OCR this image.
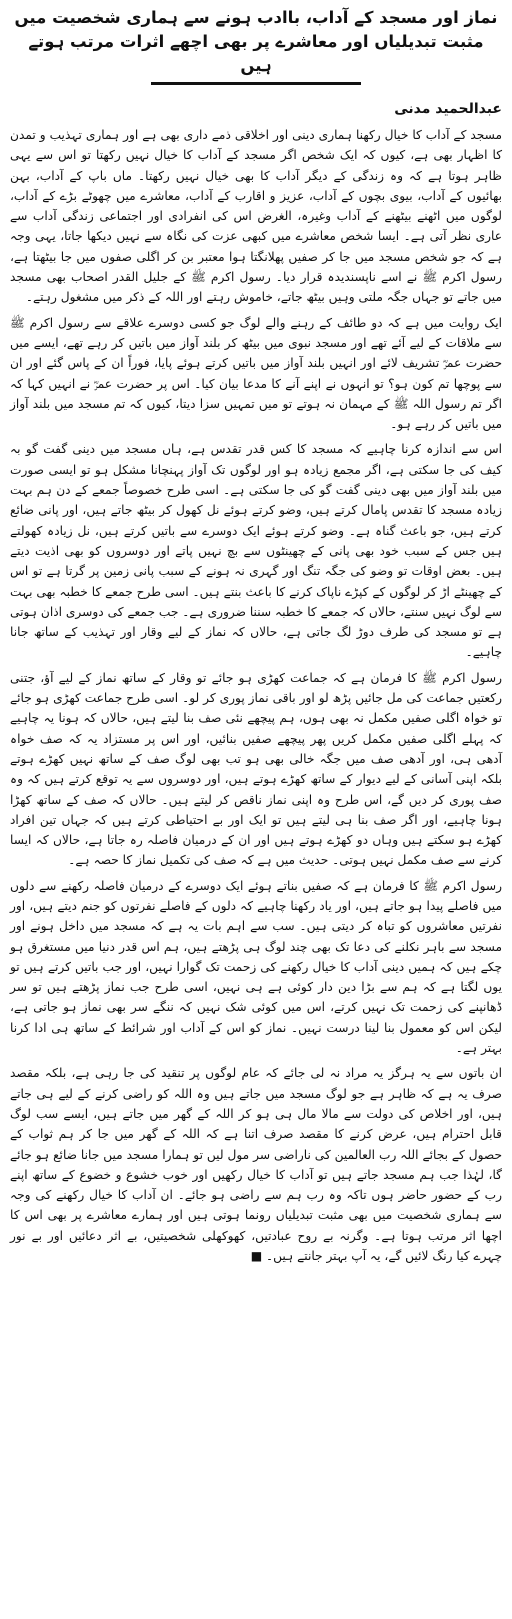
نماز اور مسجد کے آداب، باادب ہونے سے ہماری شخصیت میں مثبت تبدیلیاں اور معاشرے پر بھی اچھے اثرات مرتب ہوتے ہیں
عبدالحمید مدنی

مسجد کے آداب کا خیال رکھنا ہماری دینی اور اخلاقی ذمے داری بھی ہے اور ہماری تہذیب و تمدن کا اظہار بھی ہے، کیوں کہ ایک شخص اگر مسجد کے آداب کا خیال نہیں رکھتا تو اس سے یہی ظاہر ہوتا ہے کہ وہ زندگی کے دیگر آداب کا بھی خیال نہیں رکھتا۔ ماں باپ کے آداب، بہن بھائیوں کے آداب، بیوی بچوں کے آداب، عزیز و اقارب کے آداب، معاشرے میں چھوٹے بڑے کے آداب، لوگوں میں اٹھنے بیٹھنے کے آداب وغیرہ، الغرض اس کی انفرادی اور اجتماعی زندگی آداب سے عاری نظر آتی ہے۔ ایسا شخص معاشرے میں کبھی عزت کی نگاہ سے نہیں دیکھا جاتا، یہی وجہ ہے کہ جو شخص مسجد میں جا کر صفیں پھلانگتا ہوا معتبر بن کر اگلی صفوں میں جا بیٹھتا ہے، رسول اکرم ﷺ نے اسے ناپسندیدہ قرار دیا۔ رسول اکرم ﷺ کے جلیل القدر اصحاب بھی مسجد میں جاتے تو جہاں جگہ ملتی وہیں بیٹھ جاتے، خاموش رہتے اور اللہ کے ذکر میں مشغول رہتے۔

ایک روایت میں ہے کہ دو طائف کے رہنے والے لوگ جو کسی دوسرے علاقے سے رسول اکرم ﷺ سے ملاقات کے لیے آئے تھے اور مسجد نبوی میں بیٹھ کر بلند آواز میں باتیں کر رہے تھے، ایسے میں حضرت عمرؓ تشریف لائے اور انہیں بلند آواز میں باتیں کرتے ہوئے پایا، فوراً ان کے پاس گئے اور ان سے پوچھا تم کون ہو؟ تو انہوں نے اپنے آنے کا مدعا بیان کیا۔ اس پر حضرت عمرؓ نے انہیں کہا کہ اگر تم رسول اللہ ﷺ کے مہمان نہ ہوتے تو میں تمہیں سزا دیتا، کیوں کہ تم مسجد میں بلند آواز میں باتیں کر رہے ہو۔

اس سے اندازہ کرنا چاہیے کہ مسجد کا کس قدر تقدس ہے، ہاں مسجد میں دینی گفت گو بہ کیف کی جا سکتی ہے، اگر مجمع زیادہ ہو اور لوگوں تک آواز پہنچانا مشکل ہو تو ایسی صورت میں بلند آواز میں بھی دینی گفت گو کی جا سکتی ہے۔ اسی طرح خصوصاً جمعے کے دن ہم بہت زیادہ مسجد کا تقدس پامال کرتے ہیں، وضو کرتے ہوئے نل کھول کر بیٹھ جاتے ہیں، اور پانی ضائع کرتے ہیں، جو باعث گناہ ہے۔ وضو کرتے ہوئے ایک دوسرے سے باتیں کرتے ہیں، نل زیادہ کھولتے ہیں جس کے سبب خود بھی پانی کے چھینٹوں سے بچ نہیں پاتے اور دوسروں کو بھی اذیت دیتے ہیں۔ بعض اوقات تو وضو کی جگہ تنگ اور گہری نہ ہونے کے سبب پانی زمین پر گرتا ہے تو اس کے چھینٹے اڑ کر لوگوں کے کپڑے ناپاک کرنے کا باعث بنتے ہیں۔ اسی طرح جمعے کا خطبہ بھی بہت سے لوگ نہیں سنتے، حالاں کہ جمعے کا خطبہ سننا ضروری ہے۔ جب جمعے کی دوسری اذان ہوتی ہے تو مسجد کی طرف دوڑ لگ جاتی ہے، حالاں کہ نماز کے لیے وقار اور تہذیب کے ساتھ جانا چاہیے۔

رسول اکرم ﷺ کا فرمان ہے کہ جماعت کھڑی ہو جائے تو وقار کے ساتھ نماز کے لیے آؤ، جتنی رکعتیں جماعت کی مل جائیں پڑھ لو اور باقی نماز پوری کر لو۔ اسی طرح جماعت کھڑی ہو جائے تو خواہ اگلی صفیں مکمل نہ بھی ہوں، ہم پیچھے نئی صف بنا لیتے ہیں، حالاں کہ ہونا یہ چاہیے کہ پہلے اگلی صفیں مکمل کریں پھر پیچھے صفیں بنائیں، اور اس پر مستزاد یہ کہ صف خواہ آدھی ہی، اور آدھی صف میں جگہ خالی بھی ہو تب بھی لوگ صف کے ساتھ نہیں کھڑے ہوتے بلکہ اپنی آسانی کے لیے دیوار کے ساتھ کھڑے ہوتے ہیں، اور دوسروں سے یہ توقع کرتے ہیں کہ وہ صف پوری کر دیں گے، اس طرح وہ اپنی نماز ناقص کر لیتے ہیں۔ حالاں کہ صف کے ساتھ کھڑا ہونا چاہیے، اور اگر صف بنا ہی لیتے ہیں تو ایک اور بے احتیاطی کرتے ہیں کہ جہاں تین افراد کھڑے ہو سکتے ہیں وہاں دو کھڑے ہوتے ہیں اور ان کے درمیان فاصلہ رہ جاتا ہے، حالاں کہ ایسا کرنے سے صف مکمل نہیں ہوتی۔ حدیث میں ہے کہ صف کی تکمیل نماز کا حصہ ہے۔

رسول اکرم ﷺ کا فرمان ہے کہ صفیں بناتے ہوئے ایک دوسرے کے درمیان فاصلہ رکھنے سے دلوں میں فاصلے پیدا ہو جاتے ہیں، اور یاد رکھنا چاہیے کہ دلوں کے فاصلے نفرتوں کو جنم دیتے ہیں، اور نفرتیں معاشروں کو تباہ کر دیتی ہیں۔ سب سے اہم بات یہ ہے کہ مسجد میں داخل ہونے اور مسجد سے باہر نکلنے کی دعا تک بھی چند لوگ ہی پڑھتے ہیں، ہم اس قدر دنیا میں مستغرق ہو چکے ہیں کہ ہمیں دینی آداب کا خیال رکھنے کی زحمت تک گوارا نہیں، اور جب باتیں کرتے ہیں تو یوں لگتا ہے کہ ہم سے بڑا دین دار کوئی ہے ہی نہیں، اسی طرح جب نماز پڑھتے ہیں تو سر ڈھانپنے کی زحمت تک نہیں کرتے، اس میں کوئی شک نہیں کہ ننگے سر بھی نماز ہو جاتی ہے، لیکن اس کو معمول بنا لینا درست نہیں۔ نماز کو اس کے آداب اور شرائط کے ساتھ ہی ادا کرنا بہتر ہے۔

ان باتوں سے یہ ہرگز یہ مراد نہ لی جائے کہ عام لوگوں پر تنقید کی جا رہی ہے، بلکہ مقصد صرف یہ ہے کہ ظاہر ہے جو لوگ مسجد میں جاتے ہیں وہ اللہ کو راضی کرنے کے لیے ہی جاتے ہیں، اور اخلاص کی دولت سے مالا مال ہی ہو کر اللہ کے گھر میں جاتے ہیں، ایسے سب لوگ قابل احترام ہیں، عرض کرنے کا مقصد صرف اتنا ہے کہ اللہ کے گھر میں جا کر ہم ثواب کے حصول کے بجائے اللہ رب العالمین کی ناراضی سر مول لیں تو ہمارا مسجد میں جانا ضائع ہو جائے گا، لہٰذا جب ہم مسجد جاتے ہیں تو آداب کا خیال رکھیں اور خوب خشوع و خضوع کے ساتھ اپنے رب کے حضور حاضر ہوں تاکہ وہ رب ہم سے راضی ہو جائے۔ ان آداب کا خیال رکھنے کی وجہ سے ہماری شخصیت میں بھی مثبت تبدیلیاں رونما ہوتی ہیں اور ہمارے معاشرے پر بھی اس کا اچھا اثر مرتب ہوتا ہے۔ وگرنہ بے روح عبادتیں، کھوکھلی شخصیتیں، بے اثر دعائیں اور بے نور چہرے کیا رنگ لائیں گے، یہ آپ بہتر جانتے ہیں۔ ■
